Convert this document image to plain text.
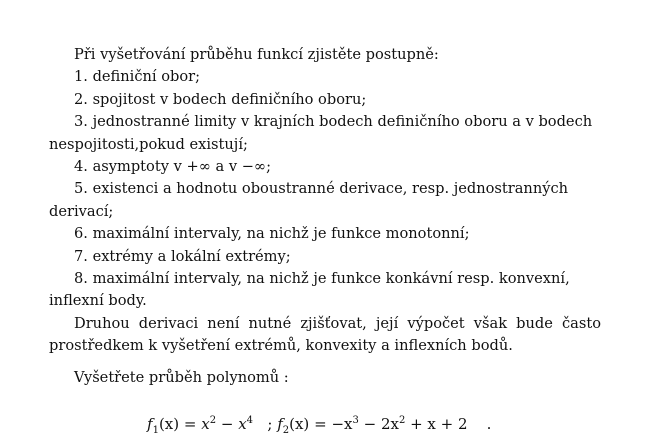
Při vyšetřování průběhu funkcí zjistěte postupně:

1. definiční obor;

2. spojitost v bodech definičního oboru;

3. jednostranné limity v krajních bodech definičního oboru a v bodech nespojitosti,pokud existují;

4. asymptoty v +∞ a v −∞;

5. existenci a hodnotu oboustranné derivace, resp. jednostranných derivací;

6. maximální intervaly, na nichž je funkce monotonní;

7. extrémy a lokální extrémy;

8. maximální intervaly, na nichž je funkce konkávní resp. konvexní, inflexní body.

Druhou derivaci není nutné zjišťovat, její výpočet však bude často prostředkem k vyšetření extrémů, konvexity a inflexních bodů.

Vyšetřete průběh polynomů :

$f_1(x) = x^2 - x^4$   ; $f_2(x) = -x^3 - 2x^2 + x + 2$    .
